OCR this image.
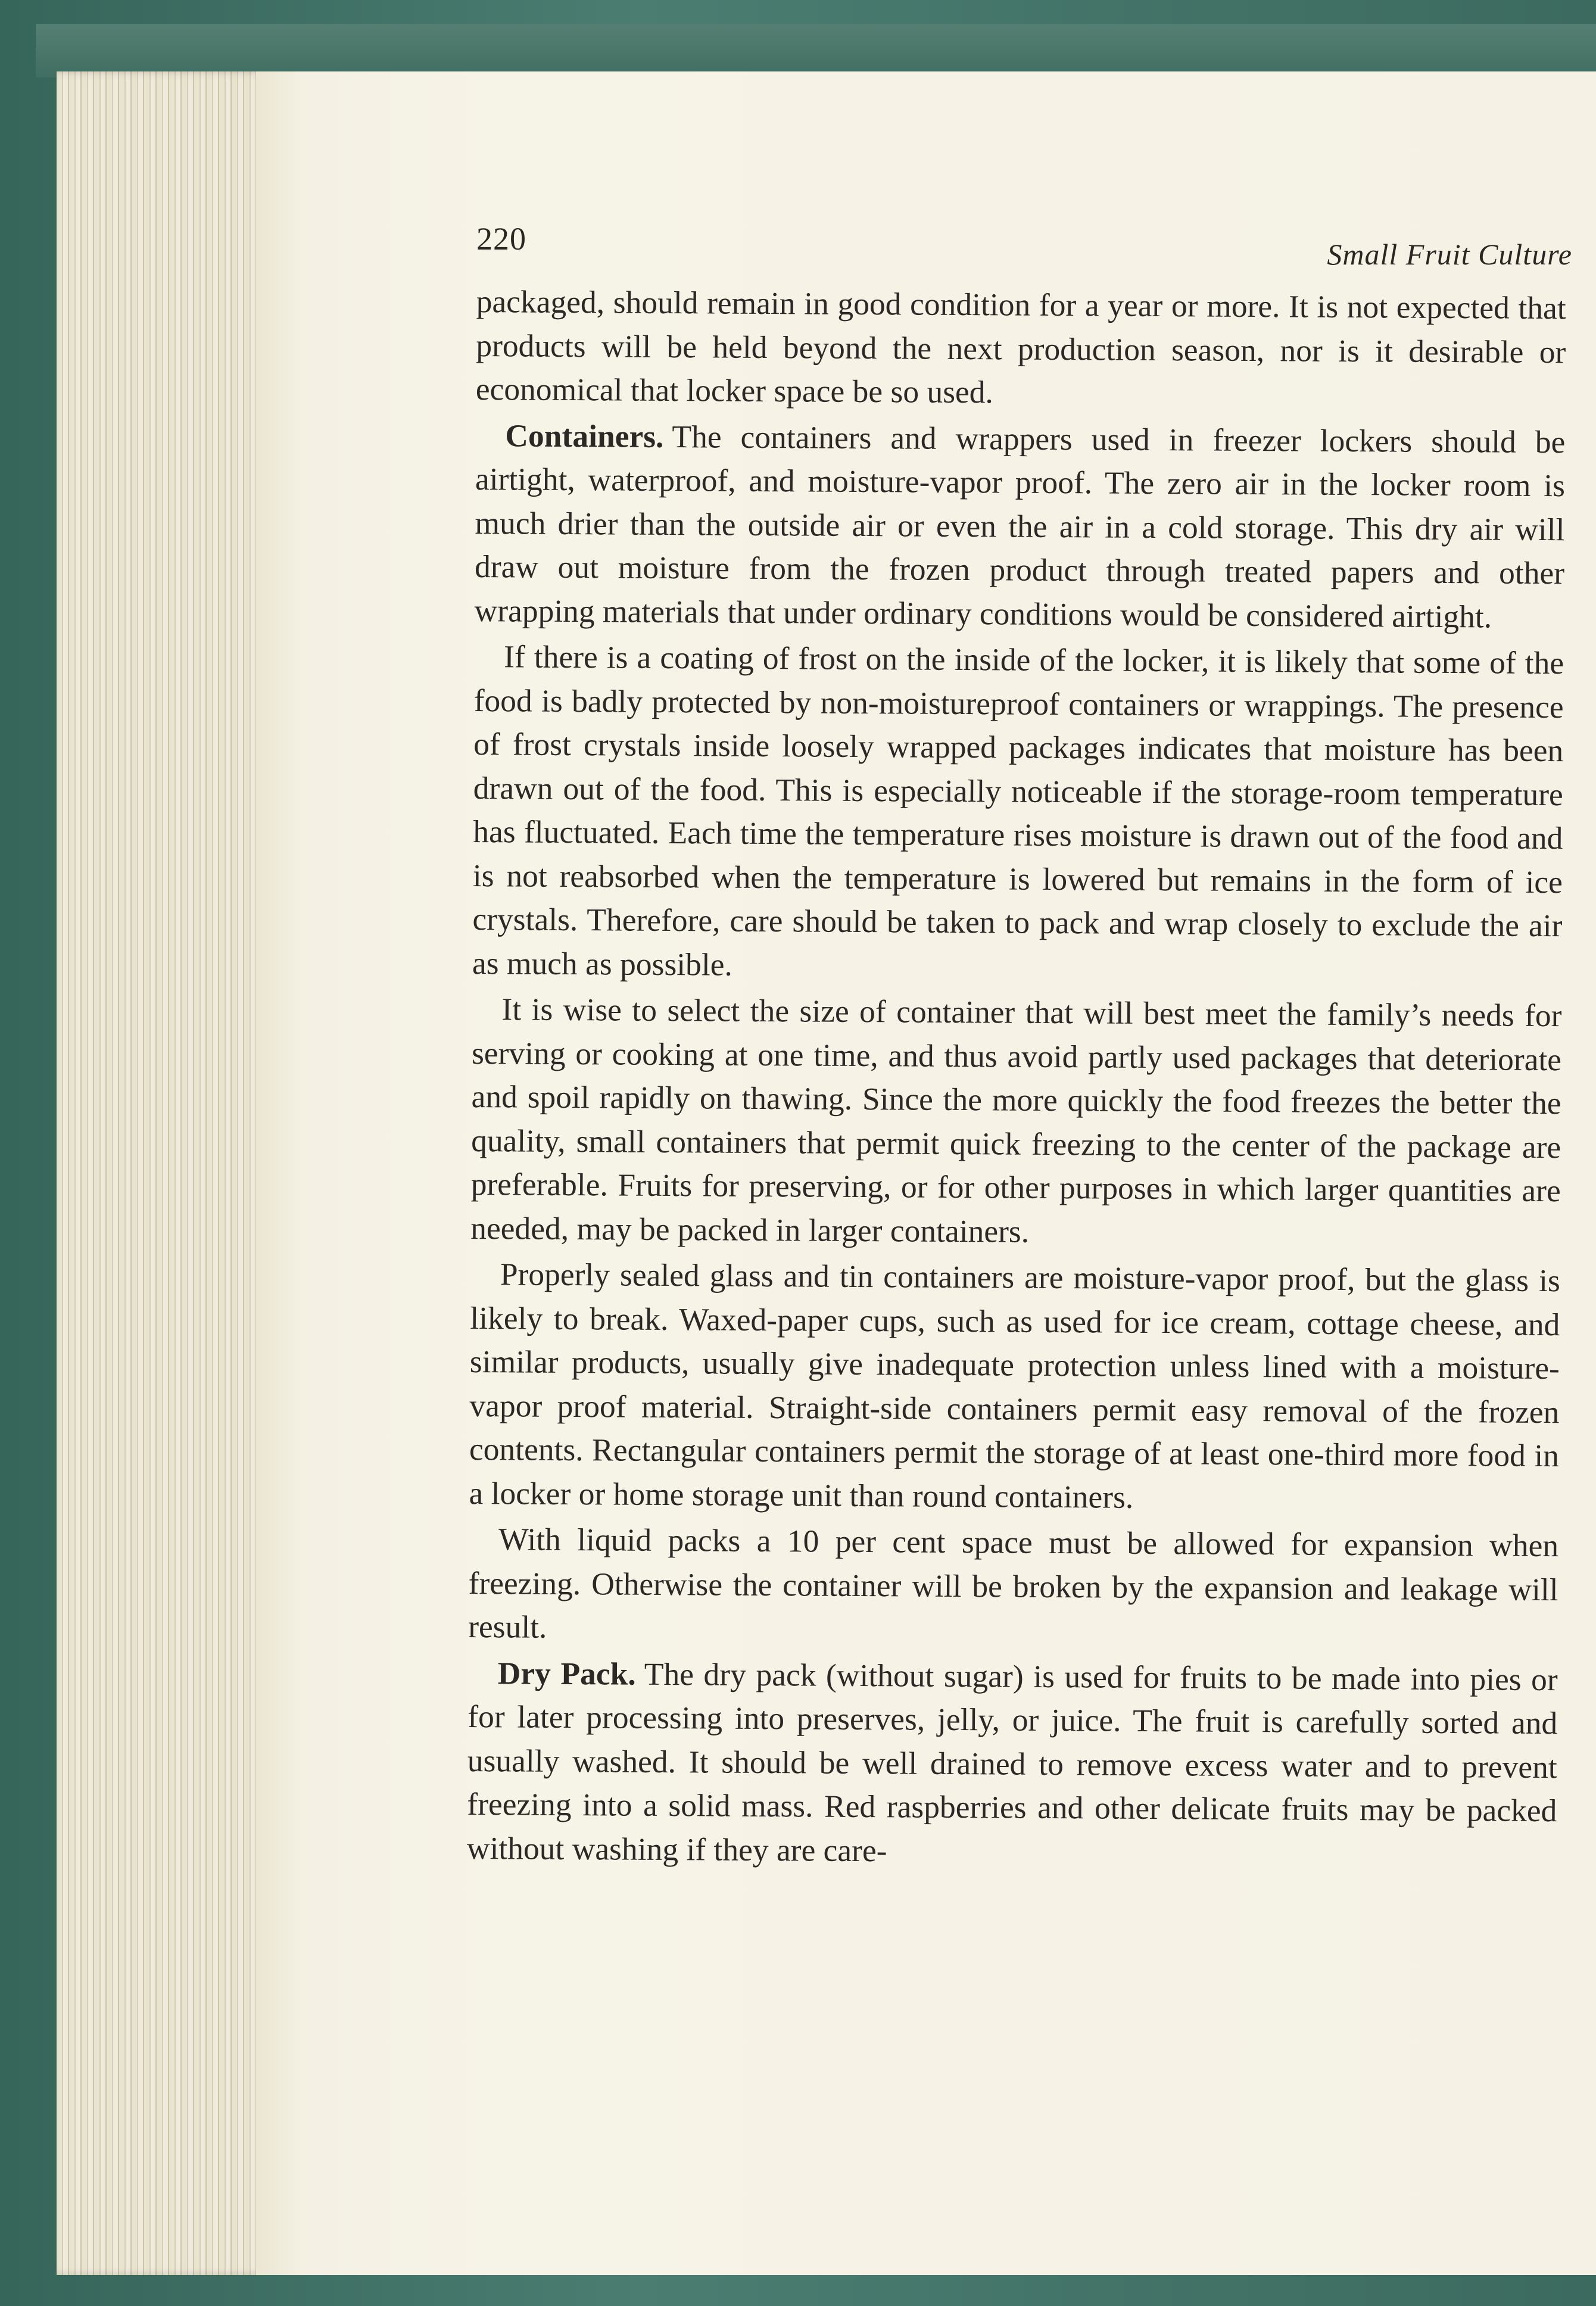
220	Small Fruit Culture

packaged, should remain in good condition for a year or more. It is not expected that products will be held beyond the next production season, nor is it desirable or economical that locker space be so used.

Containers. The containers and wrappers used in freezer lockers should be airtight, waterproof, and moisture-vapor proof. The zero air in the locker room is much drier than the outside air or even the air in a cold storage. This dry air will draw out moisture from the frozen product through treated papers and other wrapping materials that under ordinary conditions would be considered airtight.

If there is a coating of frost on the inside of the locker, it is likely that some of the food is badly protected by non-moistureproof containers or wrappings. The presence of frost crystals inside loosely wrapped packages indicates that moisture has been drawn out of the food. This is especially noticeable if the storage-room temperature has fluctuated. Each time the temperature rises moisture is drawn out of the food and is not reabsorbed when the temperature is lowered but remains in the form of ice crystals. Therefore, care should be taken to pack and wrap closely to exclude the air as much as possible.

It is wise to select the size of container that will best meet the family’s needs for serving or cooking at one time, and thus avoid partly used packages that deteriorate and spoil rapidly on thawing. Since the more quickly the food freezes the better the quality, small containers that permit quick freezing to the center of the package are preferable. Fruits for preserving, or for other purposes in which larger quantities are needed, may be packed in larger containers.

Properly sealed glass and tin containers are moisture-vapor proof, but the glass is likely to break. Waxed-paper cups, such as used for ice cream, cottage cheese, and similar products, usually give inadequate protection unless lined with a moisture-vapor proof material. Straight-side containers permit easy removal of the frozen contents. Rectangular containers permit the storage of at least one-third more food in a locker or home storage unit than round containers.

With liquid packs a 10 per cent space must be allowed for expansion when freezing. Otherwise the container will be broken by the expansion and leakage will result.

Dry Pack. The dry pack (without sugar) is used for fruits to be made into pies or for later processing into preserves, jelly, or juice. The fruit is carefully sorted and usually washed. It should be well drained to remove excess water and to prevent freezing into a solid mass. Red raspberries and other delicate fruits may be packed without washing if they are care-
